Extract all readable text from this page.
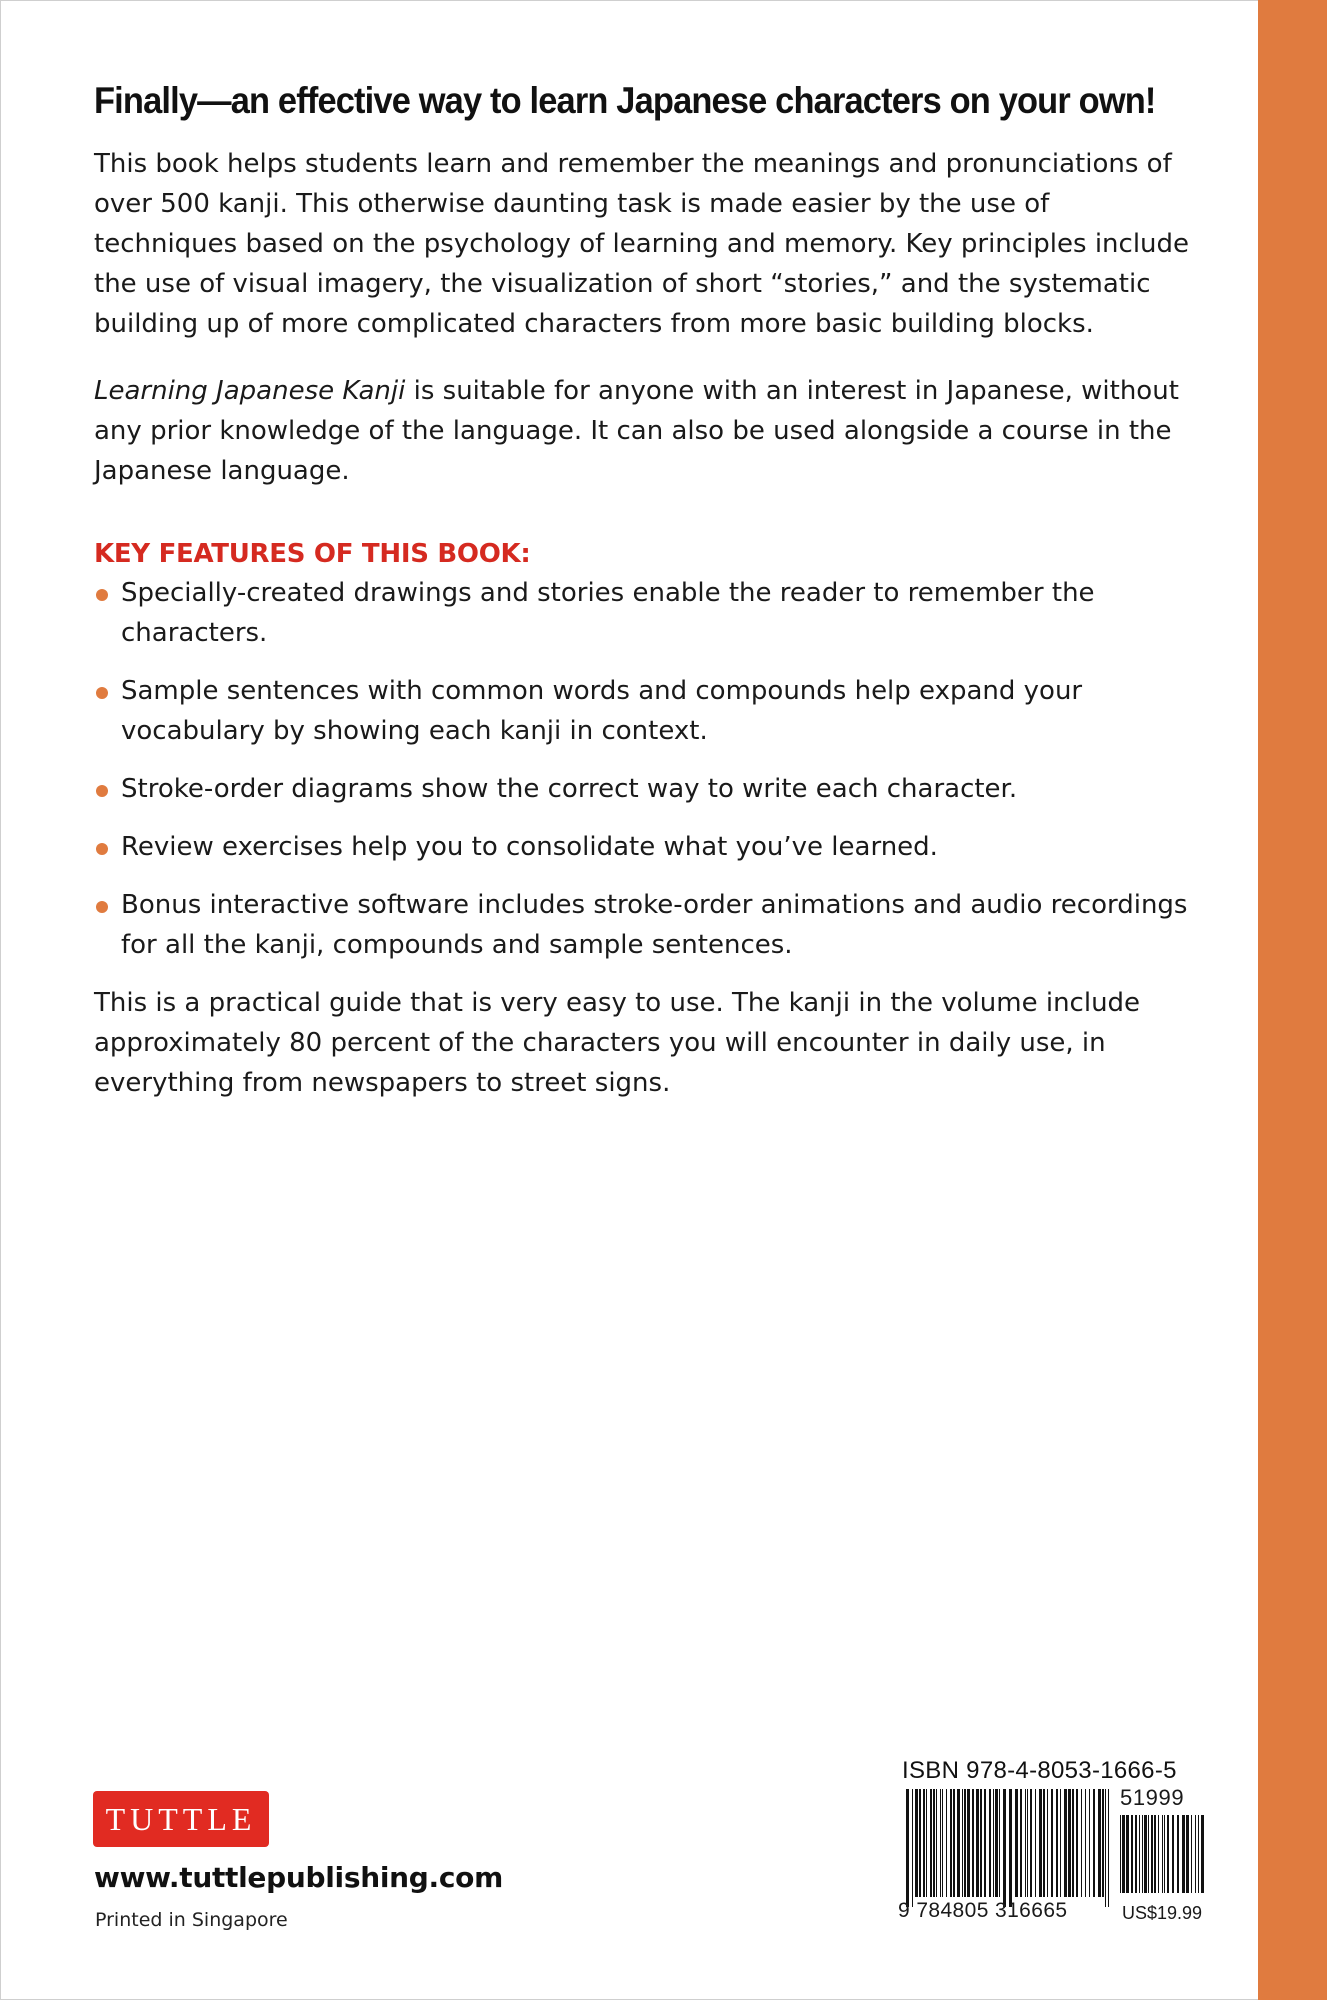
Finally—an effective way to learn Japanese characters on your own!

This book helps students learn and remember the meanings and pronunciations of over 500 kanji. This otherwise daunting task is made easier by the use of techniques based on the psychology of learning and memory. Key principles include the use of visual imagery, the visualization of short “stories,” and the systematic building up of more complicated characters from more basic building blocks.

Learning Japanese Kanji is suitable for anyone with an interest in Japanese, without any prior knowledge of the language. It can also be used alongside a course in the Japanese language.

KEY FEATURES OF THIS BOOK:
Specially-created drawings and stories enable the reader to remember the characters.
Sample sentences with common words and compounds help expand your vocabulary by showing each kanji in context.
Stroke-order diagrams show the correct way to write each character.
Review exercises help you to consolidate what you’ve learned.
Bonus interactive software includes stroke-order animations and audio recordings for all the kanji, compounds and sample sentences.

This is a practical guide that is very easy to use. The kanji in the volume include approximately 80 percent of the characters you will encounter in daily use, in everything from newspapers to street signs.

TUTTLE
www.tuttlepublishing.com
Printed in Singapore
ISBN 978-4-8053-1666-5
51999
9 784805 316665	US$19.99
